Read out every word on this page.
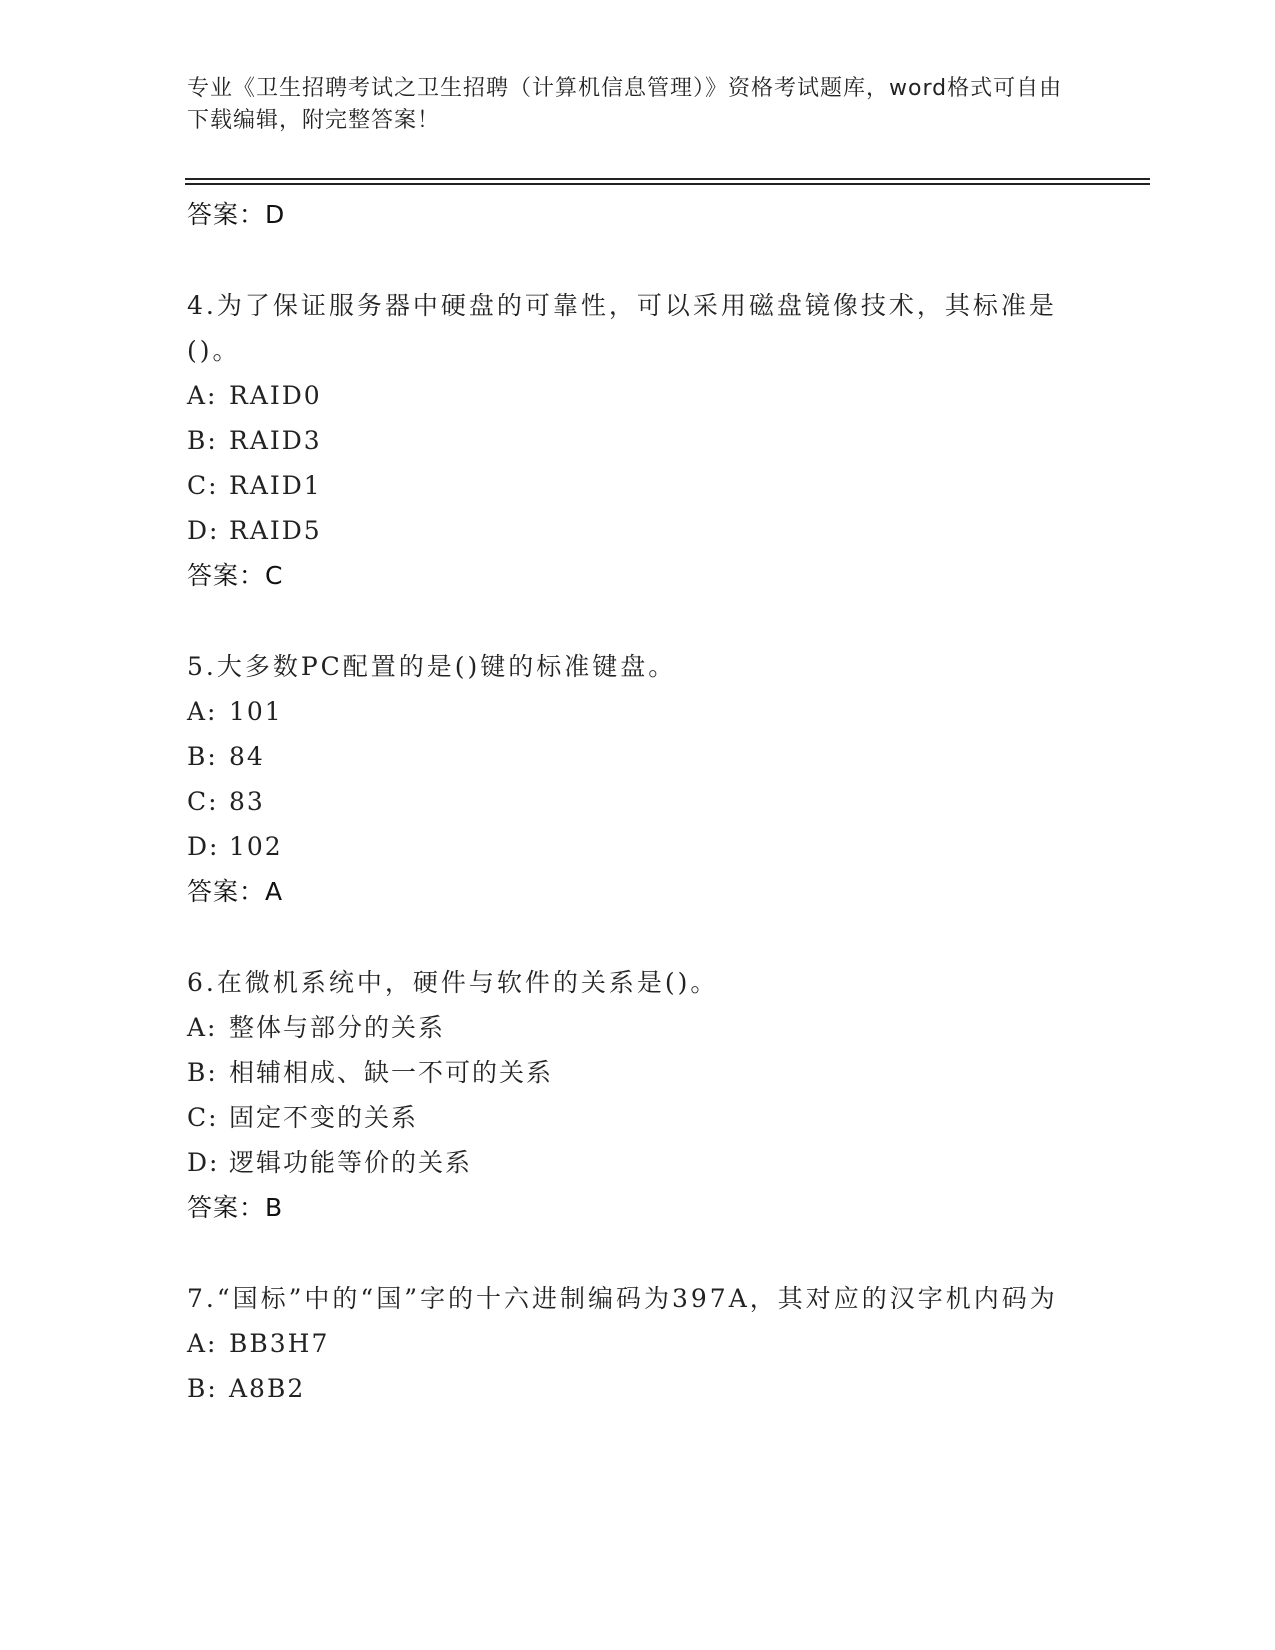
专业《卫生招聘考试之卫生招聘（计算机信息管理）》资格考试题库，word格式可自由下载编辑，附完整答案！
答案：D
4.为了保证服务器中硬盘的可靠性，可以采用磁盘镜像技术，其标准是()。
A: RAID0
B: RAID3
C: RAID1
D: RAID5
答案：C
5.大多数PC配置的是()键的标准键盘。
A: 101
B: 84
C: 83
D: 102
答案：A
6.在微机系统中，硬件与软件的关系是()。
A: 整体与部分的关系
B: 相辅相成、缺一不可的关系
C: 固定不变的关系
D: 逻辑功能等价的关系
答案：B
7.“国标”中的“国”字的十六进制编码为397A，其对应的汉字机内码为
A: BB3H7
B: A8B2
